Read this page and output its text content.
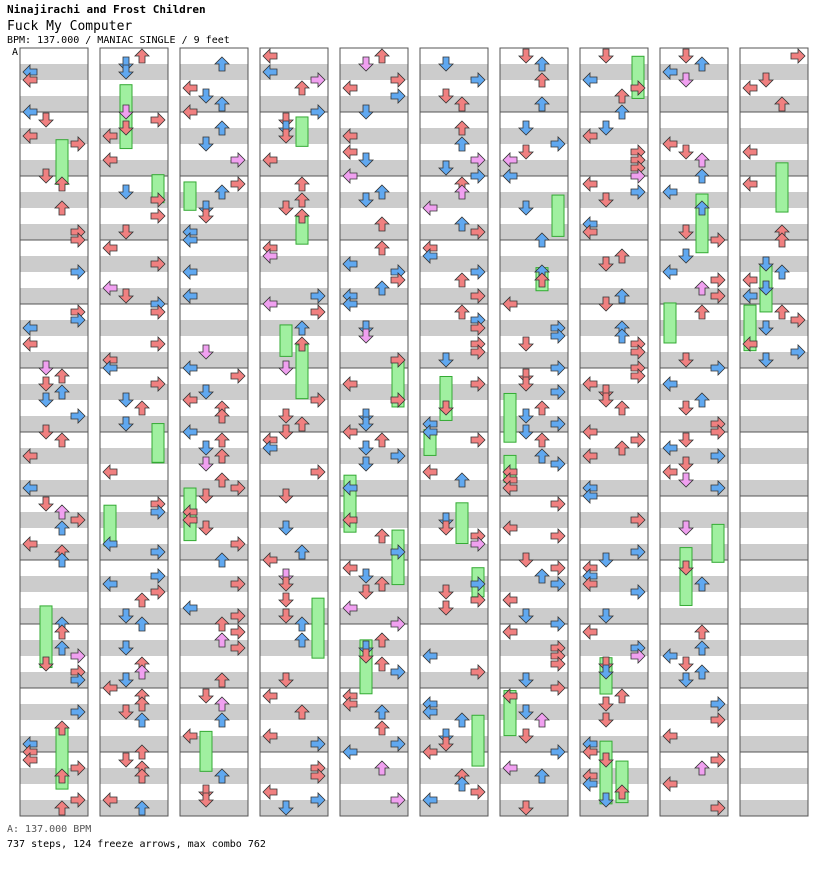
Ninajirachi and Frost Children
Fuck My Computer
BPM: 137.000 / MANIAC SINGLE / 9 feet
A
A: 137.000 BPM
737 steps, 124 freeze arrows, max combo 762
